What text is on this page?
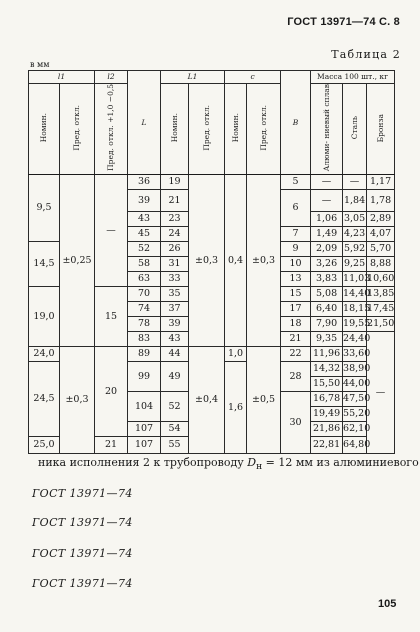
ГОСТ 13971—74 С. 8
Таблица 2
в мм
l1		l2	L	L1		c		B	Масса 100 шт., кг		
Номин.	Пред. откл.	Пред. откл. +1,0 −0,5		Номин.	Пред. откл.	Номин.	Пред. откл.		Алюми- ниевый сплав	Сталь	Бронза
9,5	±0,25	—	36	19	±0,3	0,4	±0,3	5	—	—	1,17
			39	21				6	—	1,84	1,78
			43	23					1,06	3,05	2,89
			45	24				7	1,49	4,23	4,07
14,5			52	26				9	2,09	5,92	5,70
			58	31				10	3,26	9,25	8,88
			63	33				13	3,83	11,03	10,60
19,0		15	70	35				15	5,08	14,40	13,85
			74	37				17	6,40	18,15	17,45
			78	39				18	7,90	19,55	21,50
			83	43				21	9,35	24,40	—
24,0	±0,3	20	89	44	±0,4	1,0	±0,5	22	11,96	33,60	
24,5			99	49		1,6		28	14,32	38,90	
									15,50	44,00	
			104	52				30	16,78	47,50	
									19,49	55,20	
			107	54					21,86	62,10	
25,0		21	107	55					22,81	64,80	
ника исполнения 2 к трубопроводу $D_н = 12$ мм из алюминиевого
ГОСТ 13971—74
ГОСТ 13971—74
ГОСТ 13971—74
ГОСТ 13971—74
105
